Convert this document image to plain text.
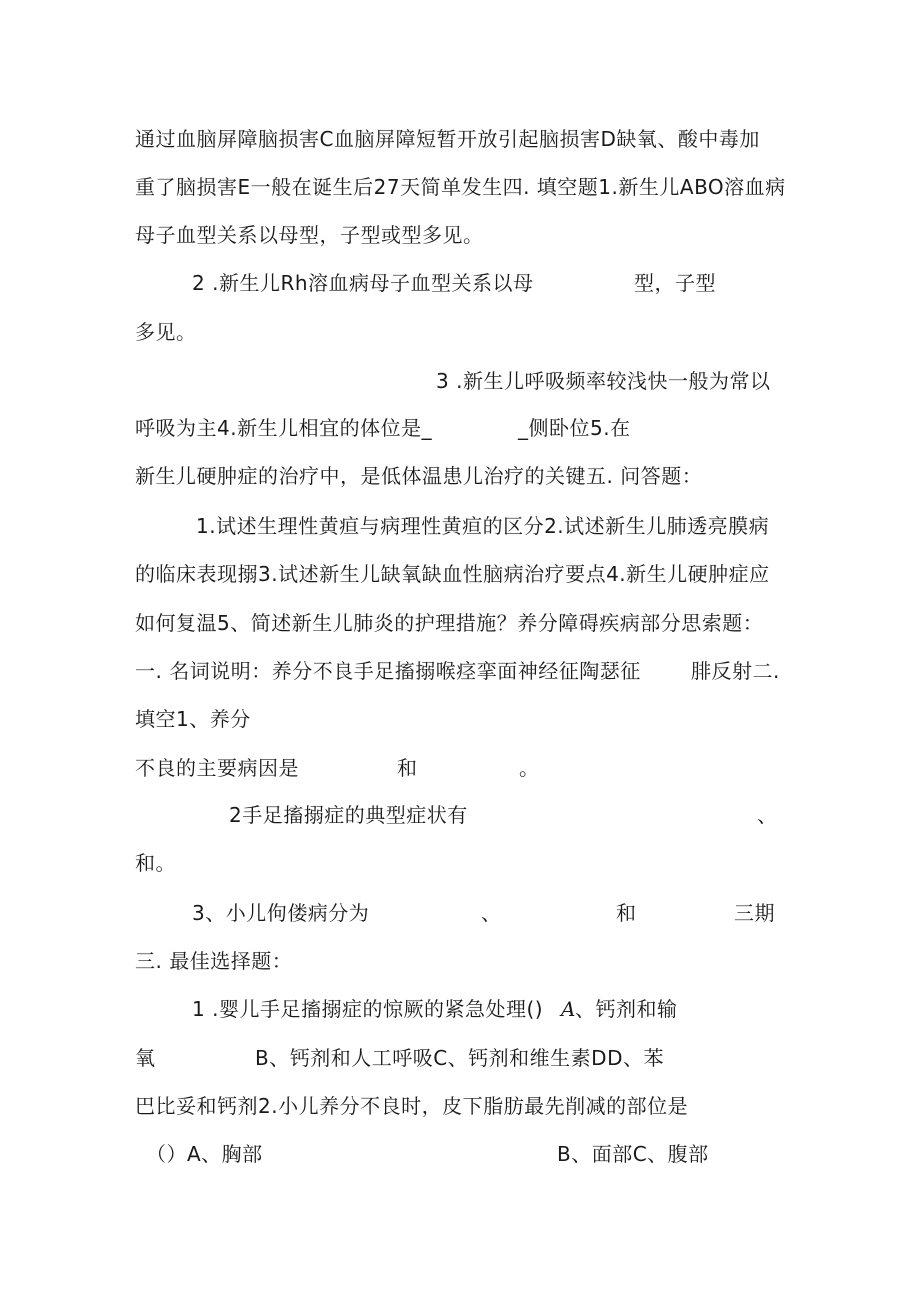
通过血脑屏障脑损害C血脑屏障短暂开放引起脑损害D缺氧、酸中毒加
重了脑损害E一般在诞生后27天简单发生四. 填空题1.新生儿ABO溶血病
母子血型关系以母型，子型或型多见。
2 .新生儿Rh溶血病母子血型关系以母	型，子型
多见。
3 .新生儿呼吸频率较浅快一般为常以
呼吸为主4.新生儿相宜的体位是_	_侧卧位5.在
新生儿硬肿症的治疗中，是低体温患儿治疗的关键五. 问答题：
1.试述生理性黄疸与病理性黄疸的区分2.试述新生儿肺透亮膜病
的临床表现搦3.试述新生儿缺氧缺血性脑病治疗要点4.新生儿硬肿症应
如何复温5、简述新生儿肺炎的护理措施？养分障碍疾病部分思索题：
一. 名词说明：养分不良手足搐搦喉痉挛面神经征陶瑟征	腓反射二.
填空1、养分
不良的主要病因是	和	。
2手足搐搦症的典型症状有	、
和。
3、小儿佝偻病分为	、	和	三期
三. 最佳选择题：
1 .婴儿手足搐搦症的惊厥的紧急处理() A 、钙剂和输
氧	B、钙剂和人工呼吸C、钙剂和维生素DD、苯
巴比妥和钙剂2.小儿养分不良时，皮下脂肪最先削减的部位是
（）A、胸部	B、面部C、腹部
